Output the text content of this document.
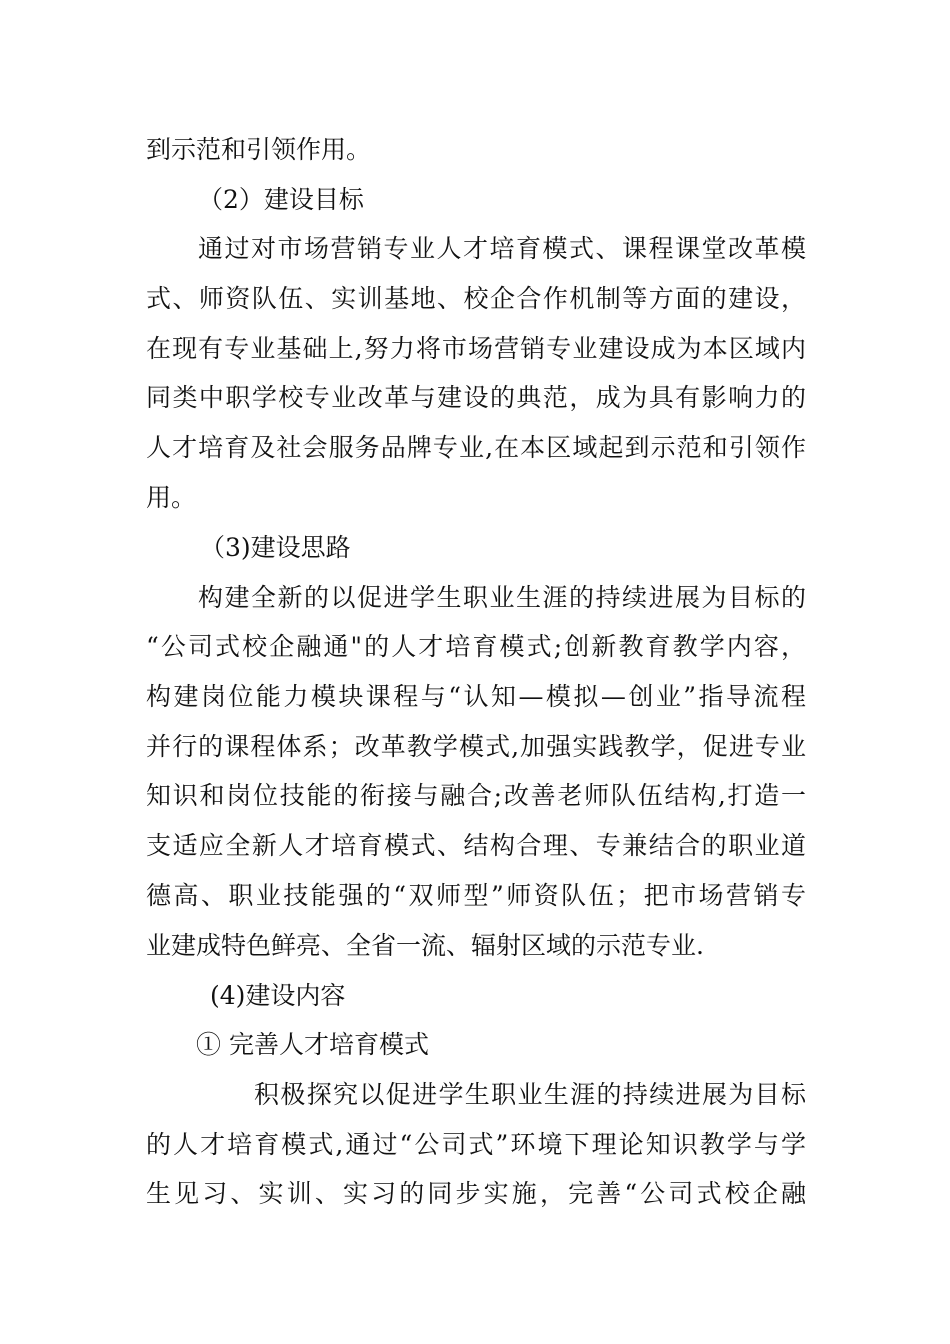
到示范和引领作用。

（2）建设目标

通过对市场营销专业人才培育模式、课程课堂改革模

式、师资队伍、实训基地、校企合作机制等方面的建设，

在现有专业基础上,努力将市场营销专业建设成为本区域内

同类中职学校专业改革与建设的典范，成为具有影响力的

人才培育及社会服务品牌专业,在本区域起到示范和引领作

用。

（3)建设思路

构建全新的以促进学生职业生涯的持续进展为目标的

“公司式校企融通"的人才培育模式;创新教育教学内容，

构建岗位能力模块课程与“认知—模拟—创业”指导流程

并行的课程体系；改革教学模式,加强实践教学，促进专业

知识和岗位技能的衔接与融合;改善老师队伍结构,打造一

支适应全新人才培育模式、结构合理、专兼结合的职业道

德高、职业技能强的“双师型”师资队伍；把市场营销专

业建成特色鲜亮、全省一流、辐射区域的示范专业.

(4)建设内容

① 完善人才培育模式

积极探究以促进学生职业生涯的持续进展为目标

的人才培育模式,通过“公司式”环境下理论知识教学与学

生见习、实训、实习的同步实施，完善“公司式校企融
